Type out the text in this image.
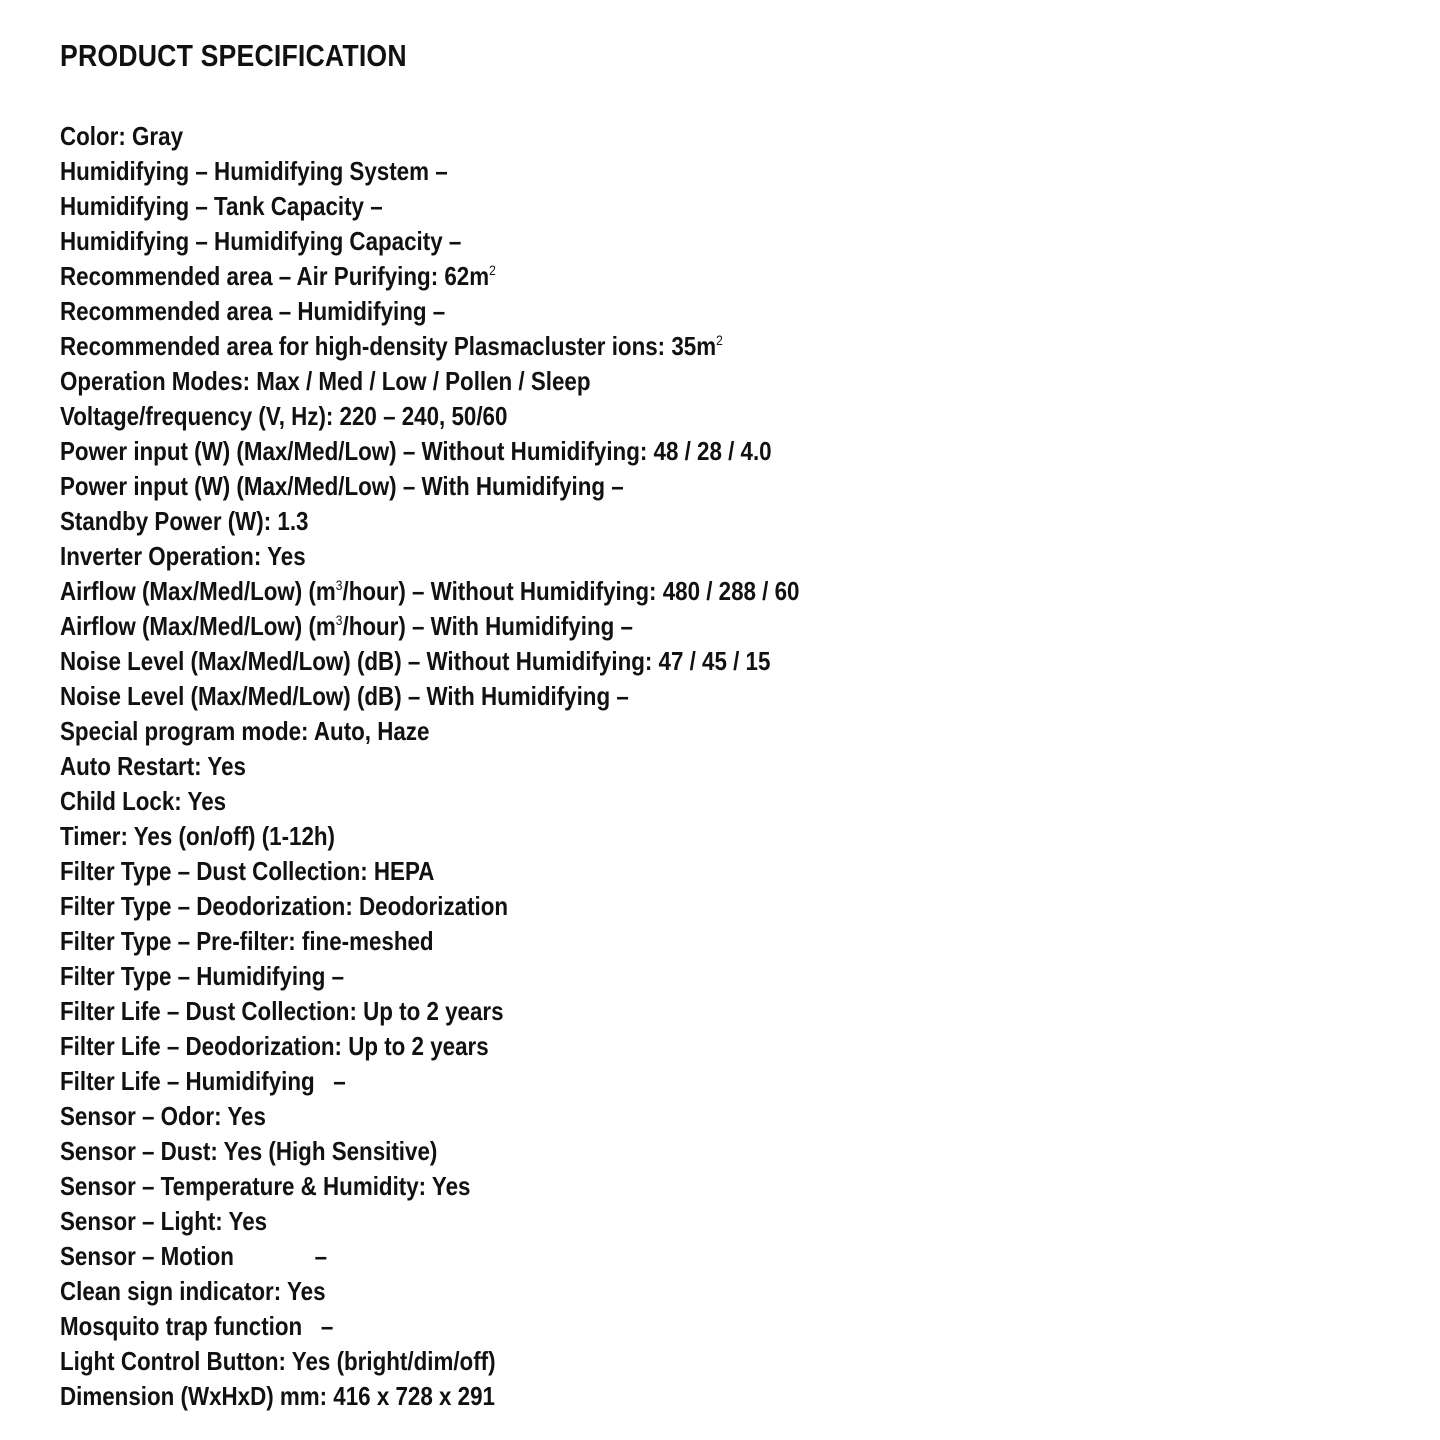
PRODUCT SPECIFICATION
Color: Gray
Humidifying – Humidifying System –
Humidifying – Tank Capacity –
Humidifying – Humidifying Capacity –
Recommended area – Air Purifying: $62m^2$
Recommended area – Humidifying –
Recommended area for high-density Plasmacluster ions: $35m^2$
Operation Modes: Max / Med / Low / Pollen / Sleep
Voltage/frequency (V, Hz): 220 – 240, 50/60
Power input (W) (Max/Med/Low) – Without Humidifying: 48 / 28 / 4.0
Power input (W) (Max/Med/Low) – With Humidifying –
Standby Power (W): 1.3
Inverter Operation: Yes
Airflow (Max/Med/Low) $(m^3/hour)$ – Without Humidifying: 480 / 288 / 60
Airflow (Max/Med/Low) $(m^3/hour)$ – With Humidifying –
Noise Level (Max/Med/Low) (dB) – Without Humidifying: 47 / 45 / 15
Noise Level (Max/Med/Low) (dB) – With Humidifying –
Special program mode: Auto, Haze
Auto Restart: Yes
Child Lock: Yes
Timer: Yes (on/off) (1-12h)
Filter Type – Dust Collection: HEPA
Filter Type – Deodorization: Deodorization
Filter Type – Pre-filter: fine-meshed
Filter Type – Humidifying –
Filter Life – Dust Collection: Up to 2 years
Filter Life – Deodorization: Up to 2 years
Filter Life – Humidifying   –
Sensor – Odor: Yes
Sensor – Dust: Yes (High Sensitive)
Sensor – Temperature & Humidity: Yes
Sensor – Light: Yes
Sensor – Motion             –
Clean sign indicator: Yes
Mosquito trap function   –
Light Control Button: Yes (bright/dim/off)
Dimension (WxHxD) mm: 416 x 728 x 291
